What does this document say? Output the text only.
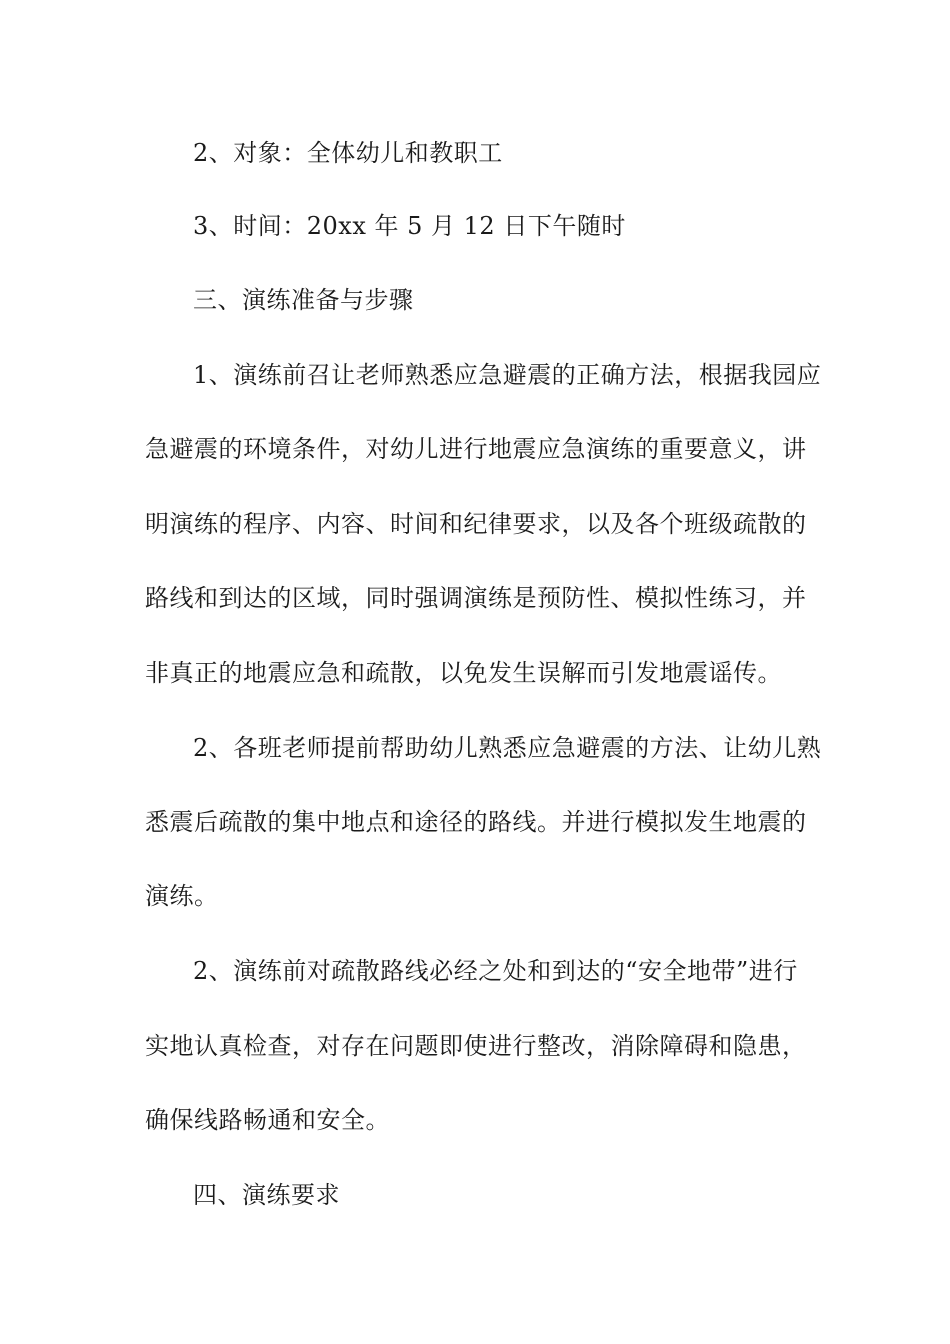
2、对象：全体幼儿和教职工
3、时间：20xx 年 5 月 12 日下午随时
三、演练准备与步骤
1、演练前召让老师熟悉应急避震的正确方法，根据我园应
急避震的环境条件，对幼儿进行地震应急演练的重要意义，讲
明演练的程序、内容、时间和纪律要求，以及各个班级疏散的
路线和到达的区域，同时强调演练是预防性、模拟性练习，并
非真正的地震应急和疏散，以免发生误解而引发地震谣传。
2、各班老师提前帮助幼儿熟悉应急避震的方法、让幼儿熟
悉震后疏散的集中地点和途径的路线。并进行模拟发生地震的
演练。
2、演练前对疏散路线必经之处和到达的“安全地带”进行
实地认真检查，对存在问题即使进行整改，消除障碍和隐患，
确保线路畅通和安全。
四、演练要求
